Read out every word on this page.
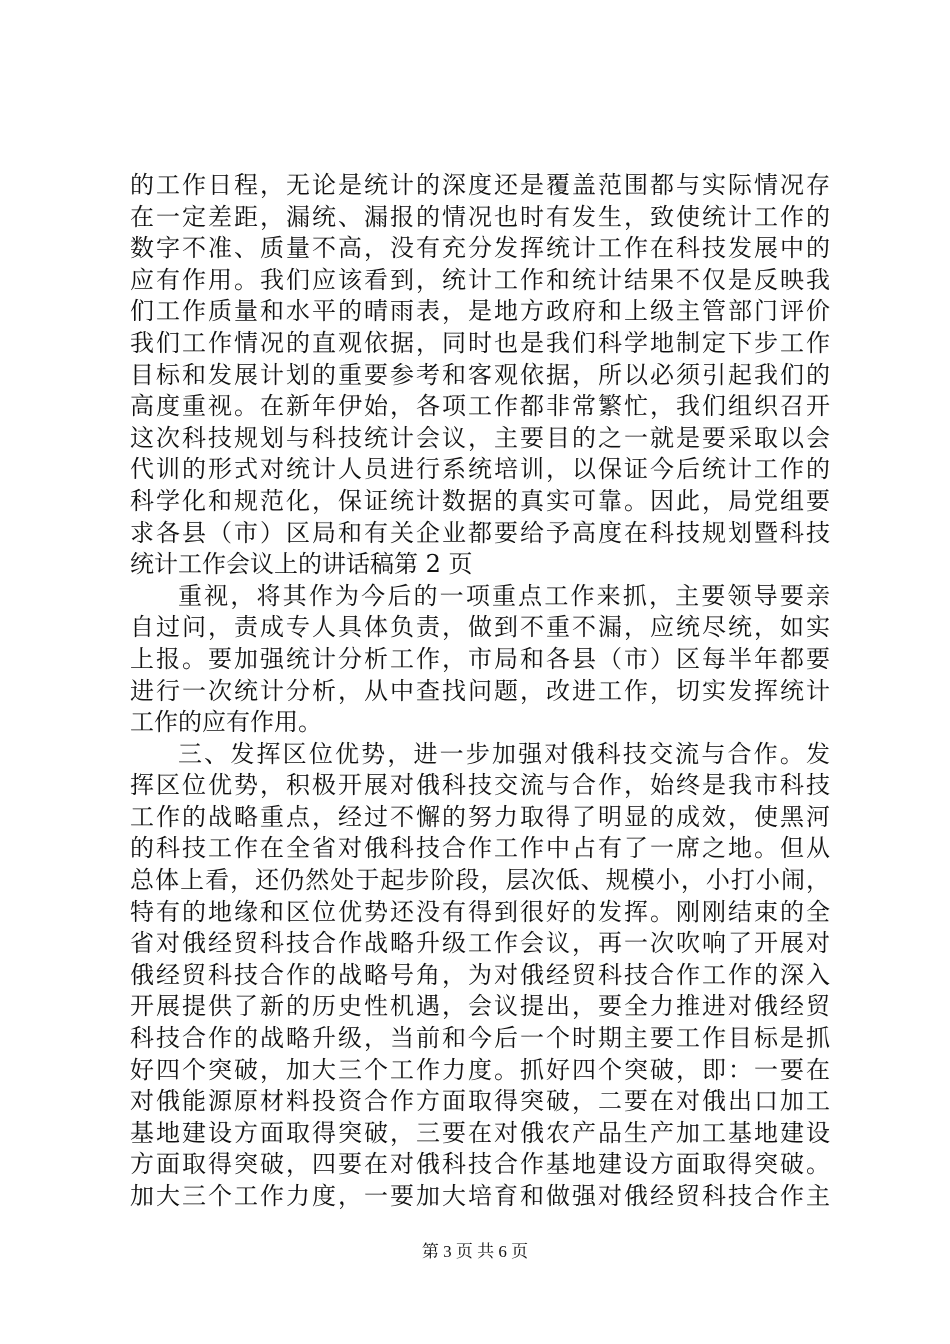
的工作日程，无论是统计的深度还是覆盖范围都与实际情况存
在一定差距，漏统、漏报的情况也时有发生，致使统计工作的
数字不准、质量不高，没有充分发挥统计工作在科技发展中的
应有作用。我们应该看到，统计工作和统计结果不仅是反映我
们工作质量和水平的晴雨表，是地方政府和上级主管部门评价
我们工作情况的直观依据，同时也是我们科学地制定下步工作
目标和发展计划的重要参考和客观依据，所以必须引起我们的
高度重视。在新年伊始，各项工作都非常繁忙，我们组织召开
这次科技规划与科技统计会议，主要目的之一就是要采取以会
代训的形式对统计人员进行系统培训，以保证今后统计工作的
科学化和规范化，保证统计数据的真实可靠。因此，局党组要
求各县（市）区局和有关企业都要给予高度在科技规划暨科技
统计工作会议上的讲话稿第 2 页
重视，将其作为今后的一项重点工作来抓，主要领导要亲
自过问，责成专人具体负责，做到不重不漏，应统尽统，如实
上报。要加强统计分析工作，市局和各县（市）区每半年都要
进行一次统计分析，从中查找问题，改进工作，切实发挥统计
工作的应有作用。
三、发挥区位优势，进一步加强对俄科技交流与合作。发
挥区位优势，积极开展对俄科技交流与合作，始终是我市科技
工作的战略重点，经过不懈的努力取得了明显的成效，使黑河
的科技工作在全省对俄科技合作工作中占有了一席之地。但从
总体上看，还仍然处于起步阶段，层次低、规模小，小打小闹，
特有的地缘和区位优势还没有得到很好的发挥。刚刚结束的全
省对俄经贸科技合作战略升级工作会议，再一次吹响了开展对
俄经贸科技合作的战略号角，为对俄经贸科技合作工作的深入
开展提供了新的历史性机遇，会议提出，要全力推进对俄经贸
科技合作的战略升级，当前和今后一个时期主要工作目标是抓
好四个突破，加大三个工作力度。抓好四个突破，即：一要在
对俄能源原材料投资合作方面取得突破，二要在对俄出口加工
基地建设方面取得突破，三要在对俄农产品生产加工基地建设
方面取得突破，四要在对俄科技合作基地建设方面取得突破。
加大三个工作力度，一要加大培育和做强对俄经贸科技合作主
第 3 页 共 6 页
